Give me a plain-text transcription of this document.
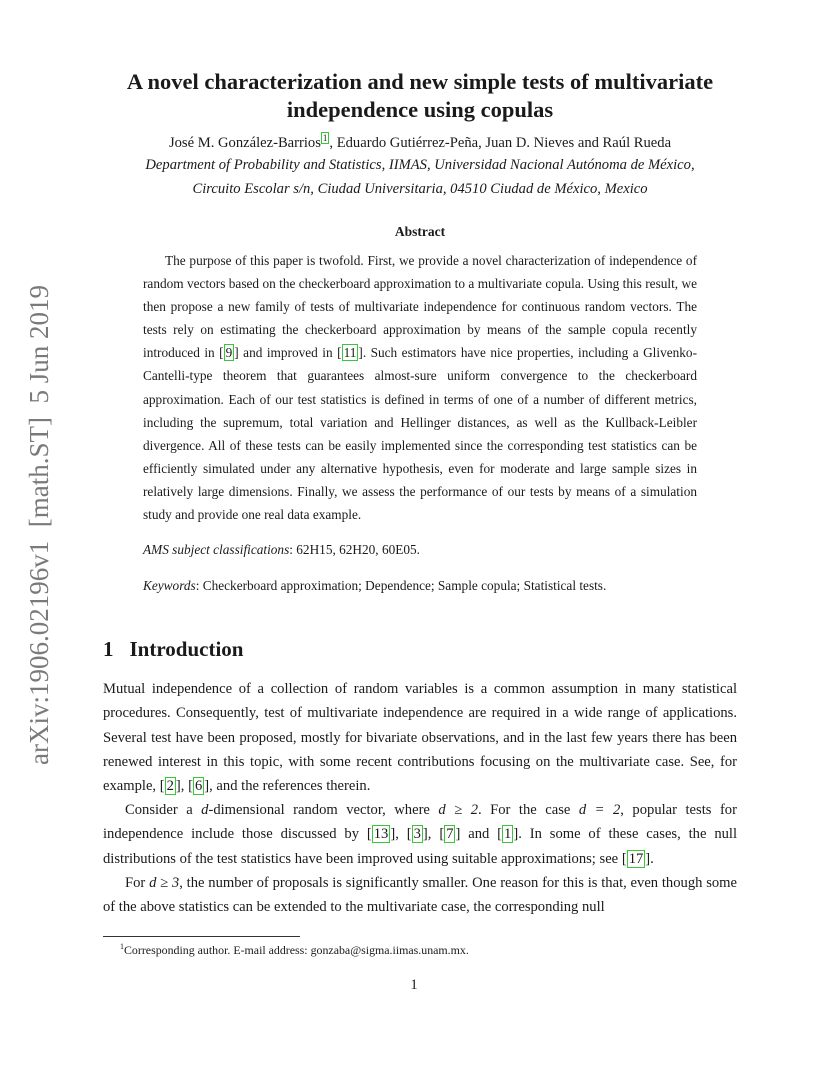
arXiv:1906.02196v1  [math.ST]  5 Jun 2019
A novel characterization and new simple tests of multivariate
independence using copulas
José M. González-Barrios $^1$ , Eduardo Gutiérrez-Peña, Juan D. Nieves and Raúl Rueda
Department of Probability and Statistics, IIMAS, Universidad Nacional Autónoma de México,
Circuito Escolar s/n, Ciudad Universitaria, 04510 Ciudad de México, Mexico
Abstract
The purpose of this paper is twofold. First, we provide a novel characterization of independence of random vectors based on the checkerboard approximation to a multivariate copula. Using this result, we then propose a new family of tests of multivariate independence for continuous random vectors. The tests rely on estimating the checkerboard approximation by means of the sample copula recently introduced in [ 9 ] and improved in [ 11 ]. Such estimators have nice properties, including a Glivenko-Cantelli-type theorem that guarantees almost-sure uniform convergence to the checkerboard approximation. Each of our test statistics is defined in terms of one of a number of different metrics, including the supremum, total variation and Hellinger distances, as well as the Kullback-Leibler divergence. All of these tests can be easily implemented since the corresponding test statistics can be efficiently simulated under any alternative hypothesis, even for moderate and large sample sizes in relatively large dimensions. Finally, we assess the performance of our tests by means of a simulation study and provide one real data example.
AMS subject classifications: 62H15, 62H20, 60E05.
Keywords: Checkerboard approximation; Dependence; Sample copula; Statistical tests.
1 Introduction

Mutual independence of a collection of random variables is a common assumption in many statistical procedures. Consequently, test of multivariate independence are required in a wide range of applications. Several test have been proposed, mostly for bivariate observations, and in the last few years there has been renewed interest in this topic, with some recent contributions focusing on the multivariate case. See, for example, [ 2 ], [ 6 ], and the references therein.

Consider a d-dimensional random vector, where d ≥ 2. For the case d = 2, popular tests for independence include those discussed by [ 13 ], [ 3 ], [ 7 ] and [ 1 ]. In some of these cases, the null distributions of the test statistics have been improved using suitable approximations; see [ 17 ].

For d ≥ 3, the number of proposals is significantly smaller. One reason for this is that, even though some of the above statistics can be extended to the multivariate case, the corresponding null

$^1$Corresponding author. E-mail address: gonzaba@sigma.iimas.unam.mx.
1
